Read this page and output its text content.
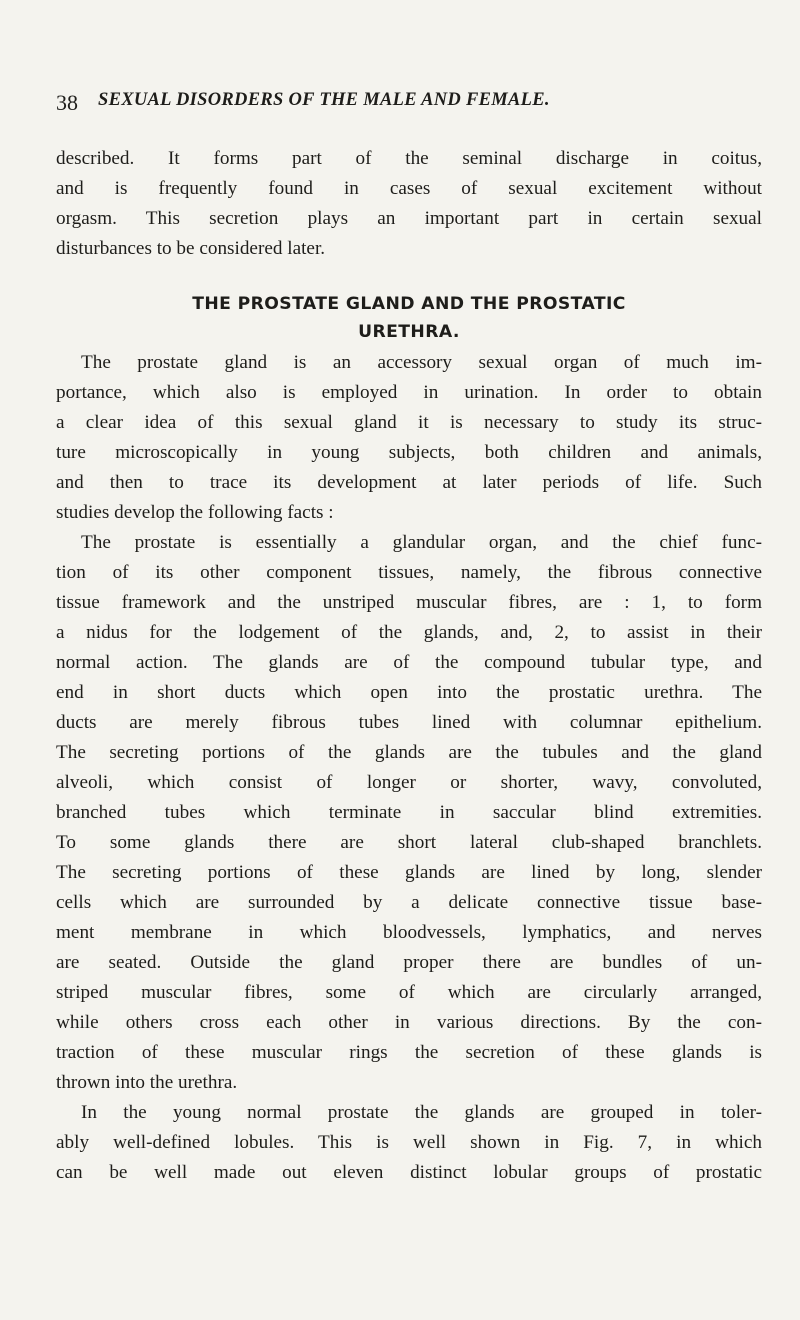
38 SEXUAL DISORDERS OF THE MALE AND FEMALE.
described. It forms part of the seminal discharge in coitus,
and is frequently found in cases of sexual excitement without
orgasm. This secretion plays an important part in certain sexual
disturbances to be considered later.
THE PROSTATE GLAND AND THE PROSTATIC
URETHRA.
The prostate gland is an accessory sexual organ of much im-
portance, which also is employed in urination. In order to obtain
a clear idea of this sexual gland it is necessary to study its struc-
ture microscopically in young subjects, both children and animals,
and then to trace its development at later periods of life. Such
studies develop the following facts :
The prostate is essentially a glandular organ, and the chief func-
tion of its other component tissues, namely, the fibrous connective
tissue framework and the unstriped muscular fibres, are : 1, to form
a nidus for the lodgement of the glands, and, 2, to assist in their
normal action. The glands are of the compound tubular type, and
end in short ducts which open into the prostatic urethra. The
ducts are merely fibrous tubes lined with columnar epithelium.
The secreting portions of the glands are the tubules and the gland
alveoli, which consist of longer or shorter, wavy, convoluted,
branched tubes which terminate in saccular blind extremities.
To some glands there are short lateral club-shaped branchlets.
The secreting portions of these glands are lined by long, slender
cells which are surrounded by a delicate connective tissue base-
ment membrane in which bloodvessels, lymphatics, and nerves
are seated. Outside the gland proper there are bundles of un-
striped muscular fibres, some of which are circularly arranged,
while others cross each other in various directions. By the con-
traction of these muscular rings the secretion of these glands is
thrown into the urethra.
In the young normal prostate the glands are grouped in toler-
ably well-defined lobules. This is well shown in Fig. 7, in which
can be well made out eleven distinct lobular groups of prostatic
